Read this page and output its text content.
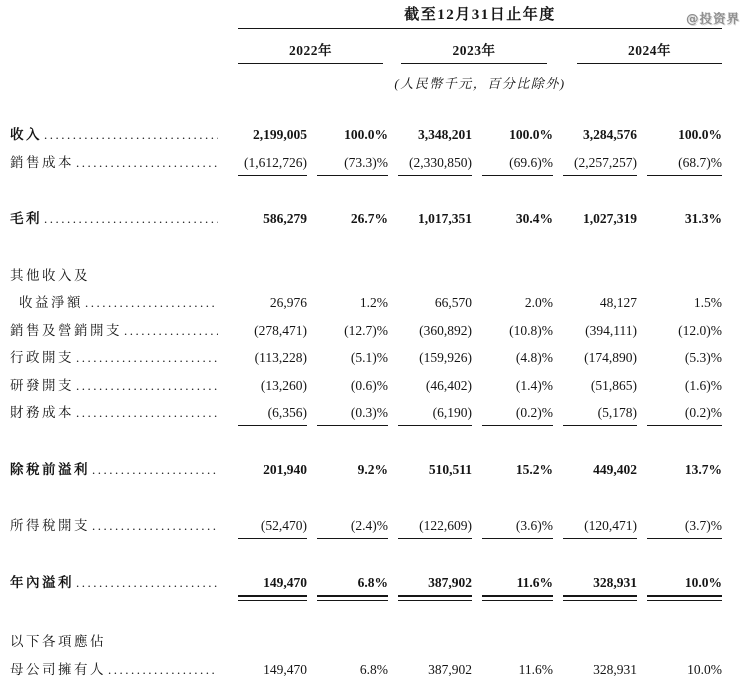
@投资界
截至12月31日止年度
2022年	2023年	2024年
(人民幣千元，百分比除外)
收入 .....	2,199,005	100.0%	3,348,201	100.0%	3,284,576	100.0%
銷售成本 .....	(1,612,726)	(73.3)%	(2,330,850)	(69.6)%	(2,257,257)	(68.7)%
毛利 .....	586,279	26.7%	1,017,351	30.4%	1,027,319	31.3%
其他收入及
收益淨額 .....	26,976	1.2%	66,570	2.0%	48,127	1.5%
銷售及營銷開支 .....	(278,471)	(12.7)%	(360,892)	(10.8)%	(394,111)	(12.0)%
行政開支 .....	(113,228)	(5.1)%	(159,926)	(4.8)%	(174,890)	(5.3)%
研發開支 .....	(13,260)	(0.6)%	(46,402)	(1.4)%	(51,865)	(1.6)%
財務成本 .....	(6,356)	(0.3)%	(6,190)	(0.2)%	(5,178)	(0.2)%
除稅前溢利 .....	201,940	9.2%	510,511	15.2%	449,402	13.7%
所得稅開支 .....	(52,470)	(2.4)%	(122,609)	(3.6)%	(120,471)	(3.7)%
年內溢利 .....	149,470	6.8%	387,902	11.6%	328,931	10.0%
以下各項應佔
母公司擁有人 .....	149,470	6.8%	387,902	11.6%	328,931	10.0%
